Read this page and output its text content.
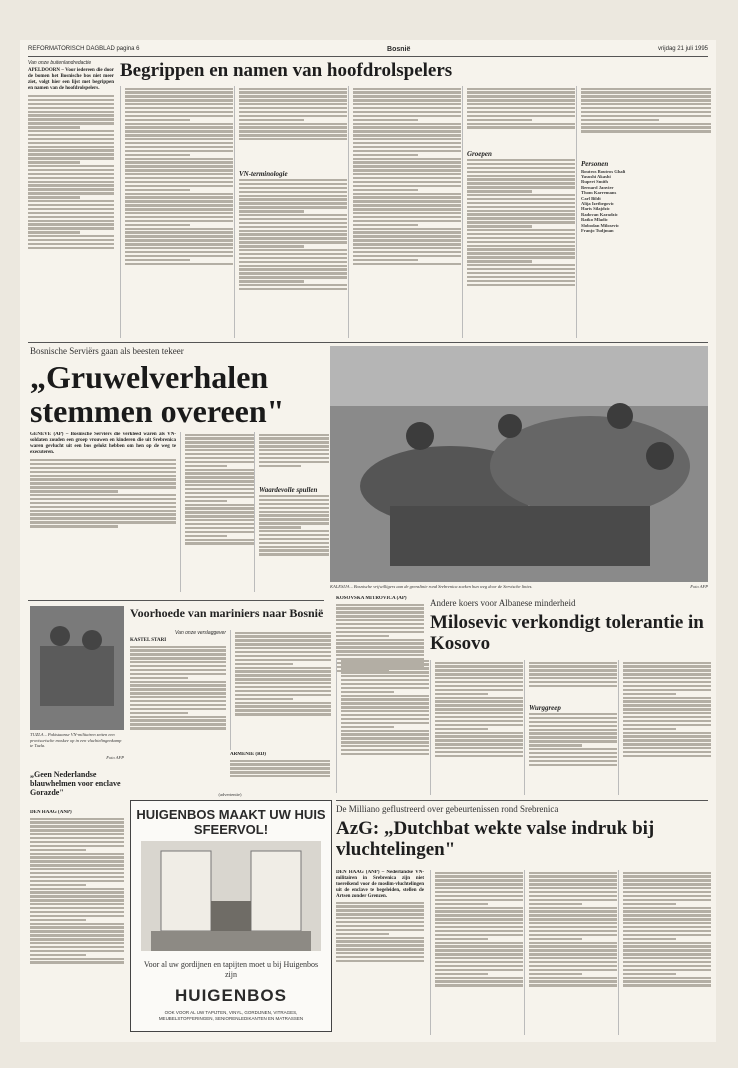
REFORMATORISCH DAGBLAD pagina 6	Bosnië	vrijdag 21 juli 1995
Van onze buitenlandredactie
APELDOORN – Voor iedereen die door de bomen het Bosnische bos niet meer ziet, volgt hier een lijst met begrippen en namen van de hoofdrolspelers.
Begrippen en namen van hoofdrolspelers
VN-terminologie
Groepen
Personen
Boutros Boutros Ghali
Yasushi Akashi
Rupert Smith
Bernard Janvier
Thom Karremans
Carl Bildt
Alija Izetbegovic
Haris Silajdzic
Radovan Karadzic
Ratko Mladic
Slobodan Milosevic
Franjo Tudjman
Bosnische Serviërs gaan als beesten tekeer
„Gruwelverhalen stemmen overeen"
KALESIJA – Bosnische vrijwilligers aan de grenslinie rond Srebrenica zoeken hun weg door de Servische linies.	Foto AFP
GENEVE (AP) – Bosnische Serviërs die verkleed waren als VN-soldaten zouden een groep vrouwen en kinderen die uit Srebrenica waren gevlucht uit een bos gelokt hebben om hen op de weg te executeren.
Waardevolle spullen
TUZLA – Pakistaanse VN-militairen zetten een provisorische moskee op in een vluchtelingenkamp te Tuzla.
Foto AFP
„Geen Nederlandse blauwhelmen voor enclave Gorazde"
DEN HAAG (ANP)
Voorhoede van mariniers naar Bosnië
Van onze verslaggever
KASTEL STARI
ARMENIË (RD)
(advertentie)
HUIGENBOS MAAKT UW HUIS SFEERVOL!
Voor al uw gordijnen en tapijten moet u bij Huigenbos zijn
HUIGENBOS
OOK VOOR AL UW TAPIJTEN, VINYL, GORDIJNEN, VITRAGES, MEUBELSTOFFERINGEN, SENIORENLEDIKANTEN EN MATRASSEN
KOSOVSKA MITROVICA (AP)	Andere koers voor Albanese minderheid
Milosevic verkondigt tolerantie in Kosovo
Wurggreep
De Milliano geflustreerd over gebeurtenissen rond Srebrenica
AzG: „Dutchbat wekte valse indruk bij vluchtelingen"
DEN HAAG (ANP) – Nederlandse VN-militairen in Srebrenica zijn niet toereikend voor de moslim-vluchtelingen uit de enclave te begeleiden, stellen de Artsen zonder Grenzen.
